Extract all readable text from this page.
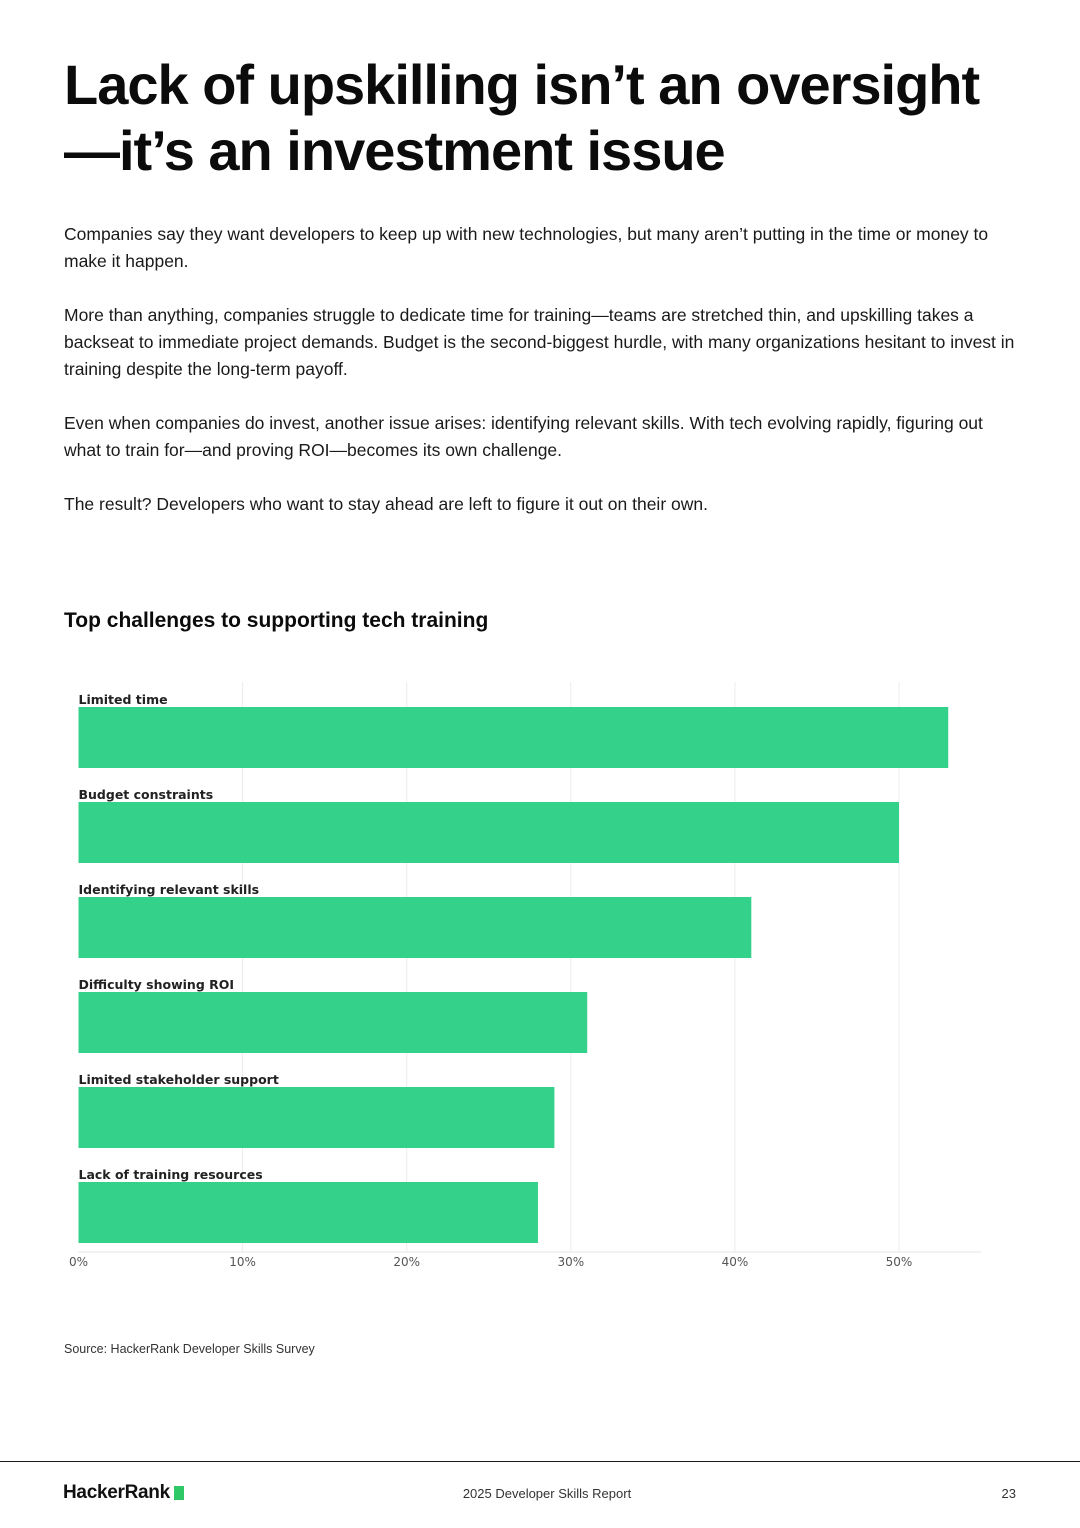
Lack of upskilling isn’t an oversight—it’s an investment issue

Companies say they want developers to keep up with new technologies, but many aren’t putting in the time or money to make it happen.

More than anything, companies struggle to dedicate time for training—teams are stretched thin, and upskilling takes a backseat to immediate project demands. Budget is the second-biggest hurdle, with many organizations hesitant to invest in training despite the long-term payoff.

Even when companies do invest, another issue arises: identifying relevant skills. With tech evolving rapidly, figuring out what to train for—and proving ROI—becomes its own challenge.

The result? Developers who want to stay ahead are left to figure it out on their own.

Top challenges to supporting tech training
Limited time
Budget constraints
Identifying relevant skills
Difficulty showing ROI
Limited stakeholder support
Lack of training resources
0%	10%	20%	30%	40%	50%
Source: HackerRank Developer Skills Survey
HackerRank	2025 Developer Skills Report	23
